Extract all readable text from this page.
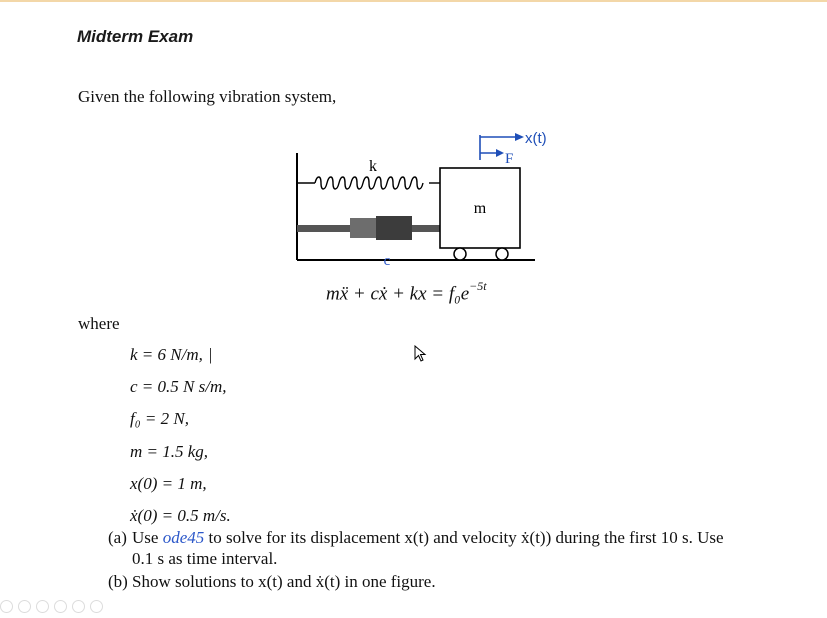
Midterm Exam
Given the following vibration system,
k
c
m
x(t)
F
mẍ + cẋ + kx = $f_0e^{-5t}$
where
k = 6 N/m, |
c = 0.5 N s/m,
f₀ = 2 N,
m = 1.5 kg,
x(0) = 1 m,
ẋ(0) = 0.5 m/s.
(a) Use ode45 to solve for its displacement x(t) and velocity ẋ(t)) during the first 10 s. Use
0.1 s as time interval.
(b) Show solutions to x(t) and ẋ(t) in one figure.
